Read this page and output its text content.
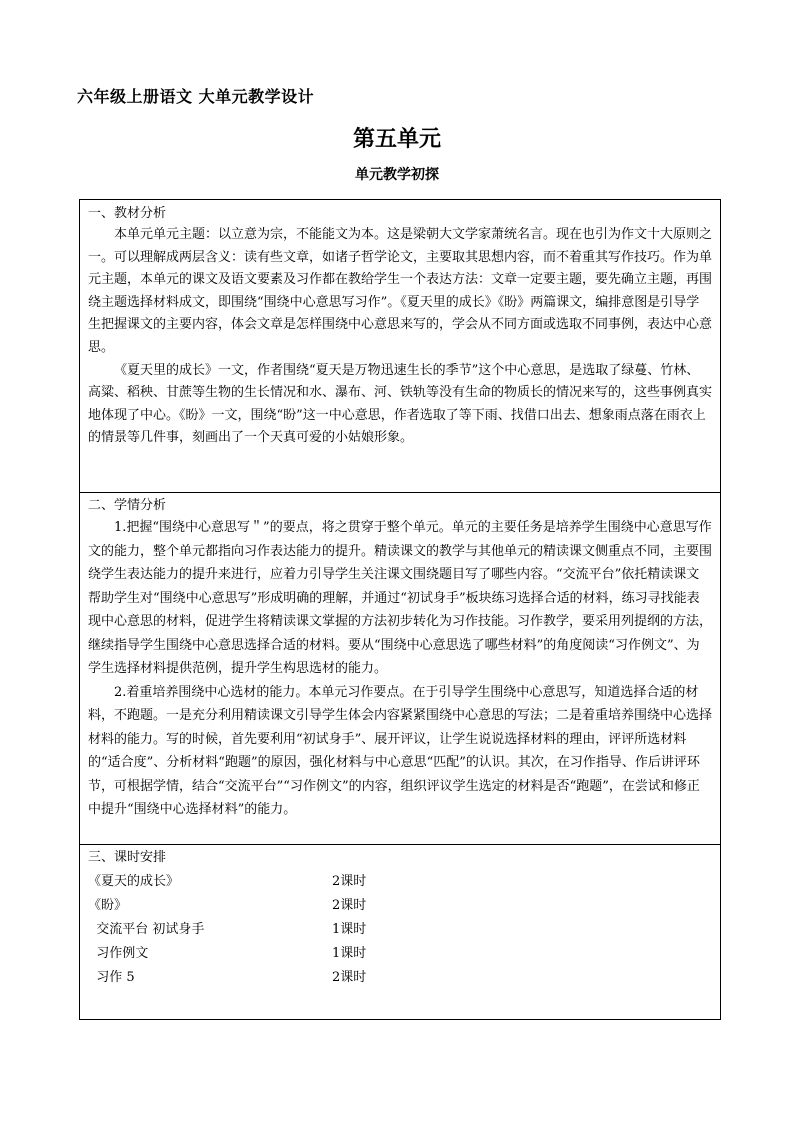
六年级上册语文 大单元教学设计
第五单元
单元教学初探
一、教材分析

本单元单元主题：以立意为宗，不能能文为本。这是梁朝大文学家萧统名言。现在也引为作文十大原则之一。可以理解成两层含义：读有些文章，如诸子哲学论文，主要取其思想内容，而不着重其写作技巧。作为单元主题，本单元的课文及语文要素及习作都在教给学生一个表达方法：文章一定要主题，要先确立主题，再围绕主题选择材料成文，即围绕“围绕中心意思写习作”。《夏天里的成长》《盼》两篇课文，编排意图是引导学生把握课文的主要内容，体会文章是怎样围绕中心意思来写的，学会从不同方面或选取不同事例，表达中心意思。

《夏天里的成长》一文，作者围绕“夏天是万物迅速生长的季节”这个中心意思，是选取了绿蔓、竹林、高粱、稻秧、甘蔗等生物的生长情况和水、瀑布、河、铁轨等没有生命的物质长的情况来写的，这些事例真实地体现了中心。《盼》一文，围绕“盼”这一中心意思，作者选取了等下雨、找借口出去、想象雨点落在雨衣上的情景等几件事，刻画出了一个天真可爱的小姑娘形象。

二、学情分析

1.把握“围绕中心意思写＂”的要点，将之贯穿于整个单元。单元的主要任务是培养学生围绕中心意思写作文的能力，整个单元都指向习作表达能力的提升。精读课文的教学与其他单元的精读课文侧重点不同，主要围绕学生表达能力的提升来进行，应着力引导学生关注课文围绕题目写了哪些内容。“交流平台”依托精读课文帮助学生对“围绕中心意思写”形成明确的理解，并通过“初试身手”板块练习选择合适的材料，练习寻找能表现中心意思的材料，促进学生将精读课文掌握的方法初步转化为习作技能。习作教学，要采用列提纲的方法，继续指导学生围绕中心意思选择合适的材料。要从“围绕中心意思选了哪些材料”的角度阅读“习作例文”、为学生选择材料提供范例，提升学生构思选材的能力。

2.着重培养围绕中心选材的能力。本单元习作要点。在于引导学生围绕中心意思写，知道选择合适的材料，不跑题。一是充分利用精读课文引导学生体会内容紧紧围绕中心意思的写法；二是着重培养围绕中心选择材料的能力。写的时候，首先要利用“初试身手”、展开评议，让学生说说选择材料的理由，评评所选材料的“适合度”、分析材料“跑题”的原因，强化材料与中心意思“匹配”的认识。其次，在习作指导、作后讲评环节，可根据学情，结合“交流平台”“习作例文”的内容，组织评议学生选定的材料是否“跑题”，在尝试和修正中提升“围绕中心选择材料”的能力。

三、课时安排
《夏天的成长》	2课时
《盼》	2课时
交流平台 初试身手	1课时
习作例文	1课时
习作 5	2课时
